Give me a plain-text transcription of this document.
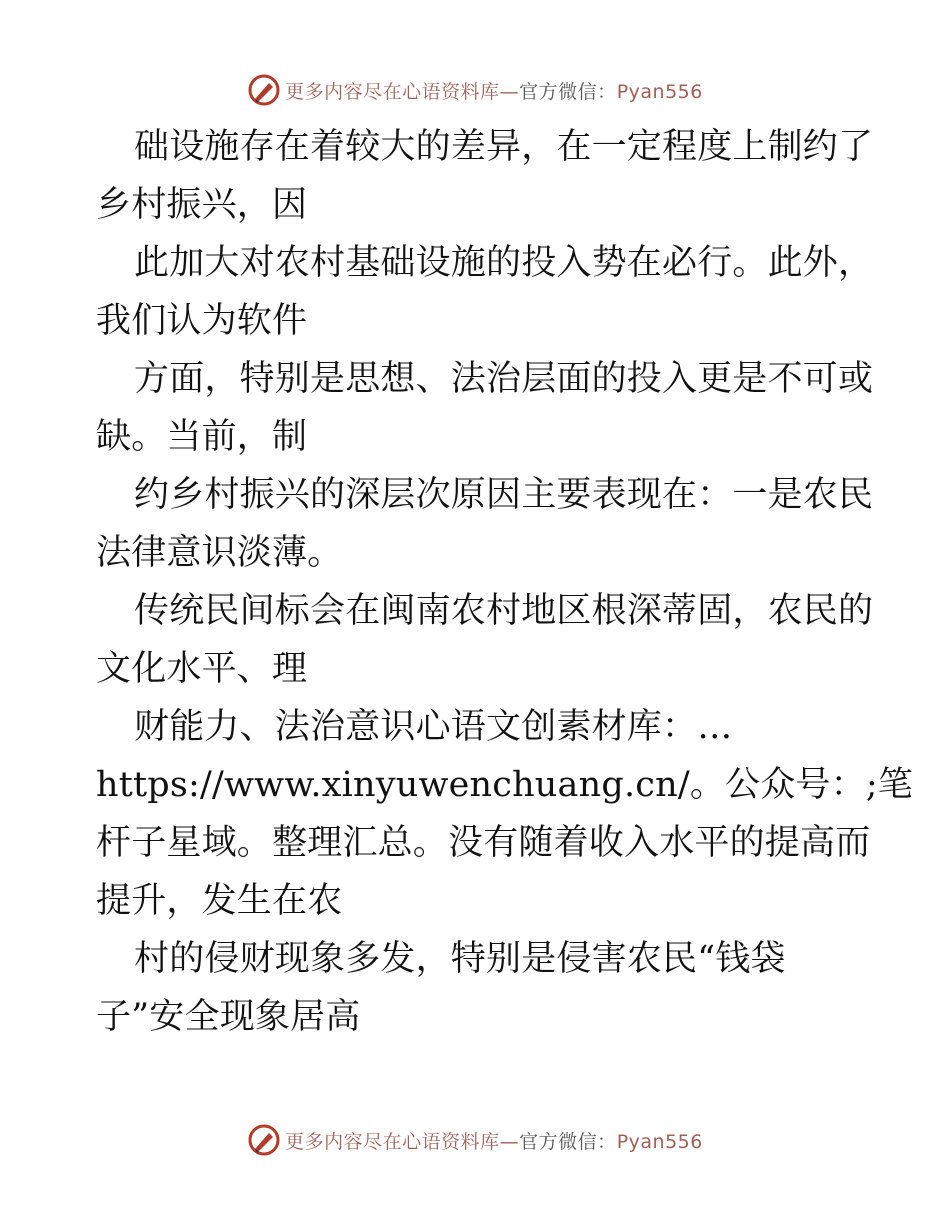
更多内容尽在心语资料库—官方微信：Pyan556
础设施存在着较大的差异，在一定程度上制约了
乡村振兴，因
此加大对农村基础设施的投入势在必行。此外，
我们认为软件
方面，特别是思想、法治层面的投入更是不可或
缺。当前，制
约乡村振兴的深层次原因主要表现在：一是农民
法律意识淡薄。
传统民间标会在闽南农村地区根深蒂固，农民的
文化水平、理
财能力、法治意识心语文创素材库：…
https://www.xinyuwenchuang.cn/。公众号：;笔
杆子星域。整理汇总。没有随着收入水平的提高而
提升，发生在农
村的侵财现象多发，特别是侵害农民“钱袋
子”安全现象居高
更多内容尽在心语资料库—官方微信：Pyan556
